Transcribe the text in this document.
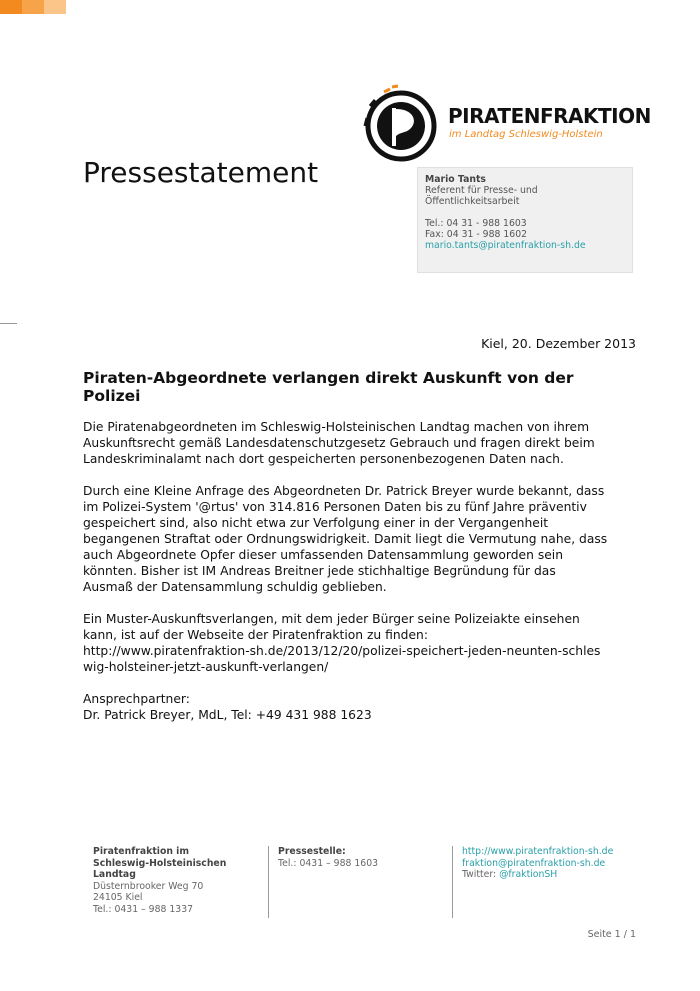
PIRATENFRAKTION
im Landtag Schleswig-Holstein
Pressestatement	Mario Tants
Referent für Presse- und
Öffentlichkeitsarbeit
Tel.: 04 31 - 988 1603
Fax: 04 31 - 988 1602
mario.tants@piratenfraktion-sh.de
Kiel, 20. Dezember 2013
Piraten-Abgeordnete verlangen direkt Auskunft von der Polizei

Die Piratenabgeordneten im Schleswig-Holsteinischen Landtag machen von ihrem
Auskunftsrecht gemäß Landesdatenschutzgesetz Gebrauch und fragen direkt beim
Landeskriminalamt nach dort gespeicherten personenbezogenen Daten nach.

Durch eine Kleine Anfrage des Abgeordneten Dr. Patrick Breyer wurde bekannt, dass
im Polizei-System '@rtus' von 314.816 Personen Daten bis zu fünf Jahre präventiv
gespeichert sind, also nicht etwa zur Verfolgung einer in der Vergangenheit
begangenen Straftat oder Ordnungswidrigkeit. Damit liegt die Vermutung nahe, dass
auch Abgeordnete Opfer dieser umfassenden Datensammlung geworden sein
könnten. Bisher ist IM Andreas Breitner jede stichhaltige Begründung für das
Ausmaß der Datensammlung schuldig geblieben.

Ein Muster-Auskunftsverlangen, mit dem jeder Bürger seine Polizeiakte einsehen
kann, ist auf der Webseite der Piratenfraktion zu finden:
http://www.piratenfraktion-sh.de/2013/12/20/polizei-speichert-jeden-neunten-schles
wig-holsteiner-jetzt-auskunft-verlangen/

Ansprechpartner:
Dr. Patrick Breyer, MdL, Tel: +49 431 988 1623

Piratenfraktion im
Schleswig-Holsteinischen
Landtag
Düsternbrooker Weg 70
24105 Kiel
Tel.: 0431 – 988 1337
Pressestelle:
Tel.: 0431 – 988 1603
http://www.piratenfraktion-sh.de
fraktion@piratenfraktion-sh.de
Twitter: @fraktionSH
Seite 1 / 1
